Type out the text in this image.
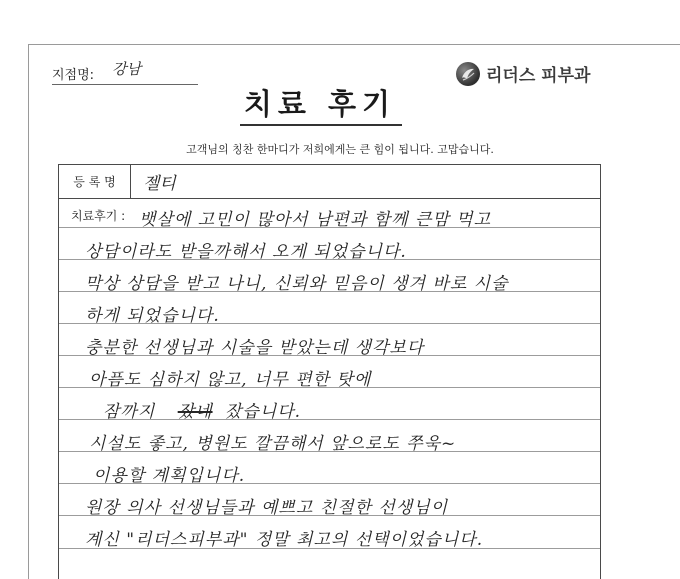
지점명: 강남	리더스 피부과
치료 후기
고객님의 칭찬 한마디가 저희에게는 큰 힘이 됩니다. 고맙습니다.
등 록 명	젤티
치료후기 : 뱃살에 고민이 많아서 남편과 함께 큰맘 먹고
상담이라도 받을까해서 오게 되었습니다.
막상 상담을 받고 나니, 신뢰와 믿음이 생겨 바로 시술
하게 되었습니다.
충분한 선생님과 시술을 받았는데 생각보다
아픔도 심하지 않고, 너무 편한 탓에
잠까지 잤네 잤습니다.
시설도 좋고, 병원도 깔끔해서 앞으로도 쭈욱~
이용할 계획입니다.
원장 의사 선생님들과 예쁘고 친절한 선생님이
계신 "리더스피부과" 정말 최고의 선택이었습니다.
